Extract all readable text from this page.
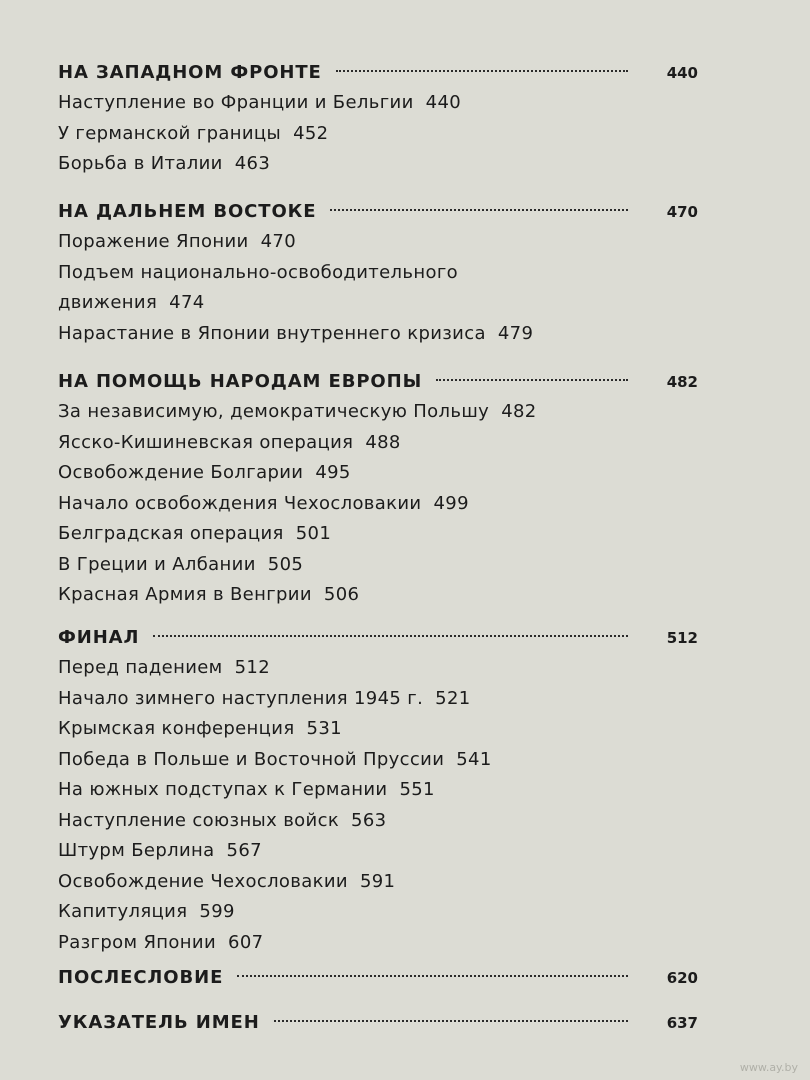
НА ЗАПАДНОМ ФРОНТЕ	440
Наступление во Франции и Бельгии 440
У германской границы 452
Борьба в Италии 463
НА ДАЛЬНЕМ ВОСТОКЕ	470
Поражение Японии 470
Подъем национально-освободительного
движения 474
Нарастание в Японии внутреннего кризиса 479
НА ПОМОЩЬ НАРОДАМ ЕВРОПЫ	482
За независимую, демократическую Польшу 482
Ясско-Кишиневская операция 488
Освобождение Болгарии 495
Начало освобождения Чехословакии 499
Белградская операция 501
В Греции и Албании 505
Красная Армия в Венгрии 506
ФИНАЛ	512
Перед падением 512
Начало зимнего наступления 1945 г. 521
Крымская конференция 531
Победа в Польше и Восточной Пруссии 541
На южных подступах к Германии 551
Наступление союзных войск 563
Штурм Берлина 567
Освобождение Чехословакии 591
Капитуляция 599
Разгром Японии 607
ПОСЛЕСЛОВИЕ	620
УКАЗАТЕЛЬ ИМЕН	637
www.ay.by
